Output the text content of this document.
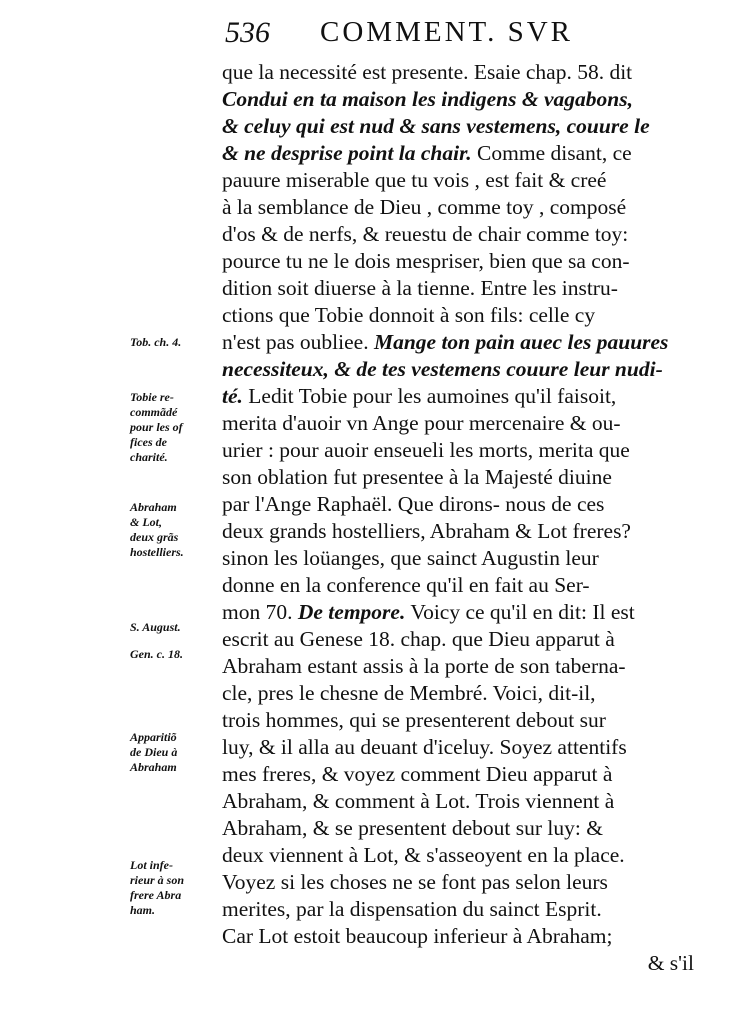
536 COMMENT. SVR
que la necessité est presente. Esaie chap. 58. dit
Condui en ta maison les indigens & vagabons,
& celuy qui est nud & sans vestemens, couure le
& ne desprise point la chair. Comme disant, ce
pauure miserable que tu vois , est fait & creé
à la semblance de Dieu , comme toy , composé
d'os & de nerfs, & reuestu de chair comme toy:
pource tu ne le dois mespriser, bien que sa con-
dition soit diuerse à la tienne. Entre les instru-
ctions que Tobie donnoit à son fils: celle cy
n'est pas oubliee. Mange ton pain auec les pauures
necessiteux, & de tes vestemens couure leur nudi-
té. Ledit Tobie pour les aumoines qu'il faisoit,
merita d'auoir vn Ange pour mercenaire & ou-
urier : pour auoir enseueli les morts, merita que
son oblation fut presentee à la Majesté diuine
par l'Ange Raphaël. Que dirons- nous de ces
deux grands hostelliers, Abraham & Lot freres?
sinon les loüanges, que sainct Augustin leur
donne en la conference qu'il en fait au Ser-
mon 70. De tempore. Voicy ce qu'il en dit: Il est
escrit au Genese 18. chap. que Dieu apparut à
Abraham estant assis à la porte de son taberna-
cle, pres le chesne de Membré. Voici, dit-il,
trois hommes, qui se presenterent debout sur
luy, & il alla au deuant d'iceluy. Soyez attentifs
mes freres, & voyez comment Dieu apparut à
Abraham, & comment à Lot. Trois viennent à
Abraham, & se presentent debout sur luy: &
deux viennent à Lot, & s'asseoyent en la place.
Voyez si les choses ne se font pas selon leurs
merites, par la dispensation du sainct Esprit.
Car Lot estoit beaucoup inferieur à Abraham;
& s'il
Tob. ch. 4.
Tobie re-
commãdé
pour les of
fices de
charité.
Abraham
& Lot,
deux grãs
hostelliers.
S. August.
Gen. c. 18.
Apparitiõ
de Dieu à
Abraham
Lot infe-
rieur à son
frere Abra
ham.
